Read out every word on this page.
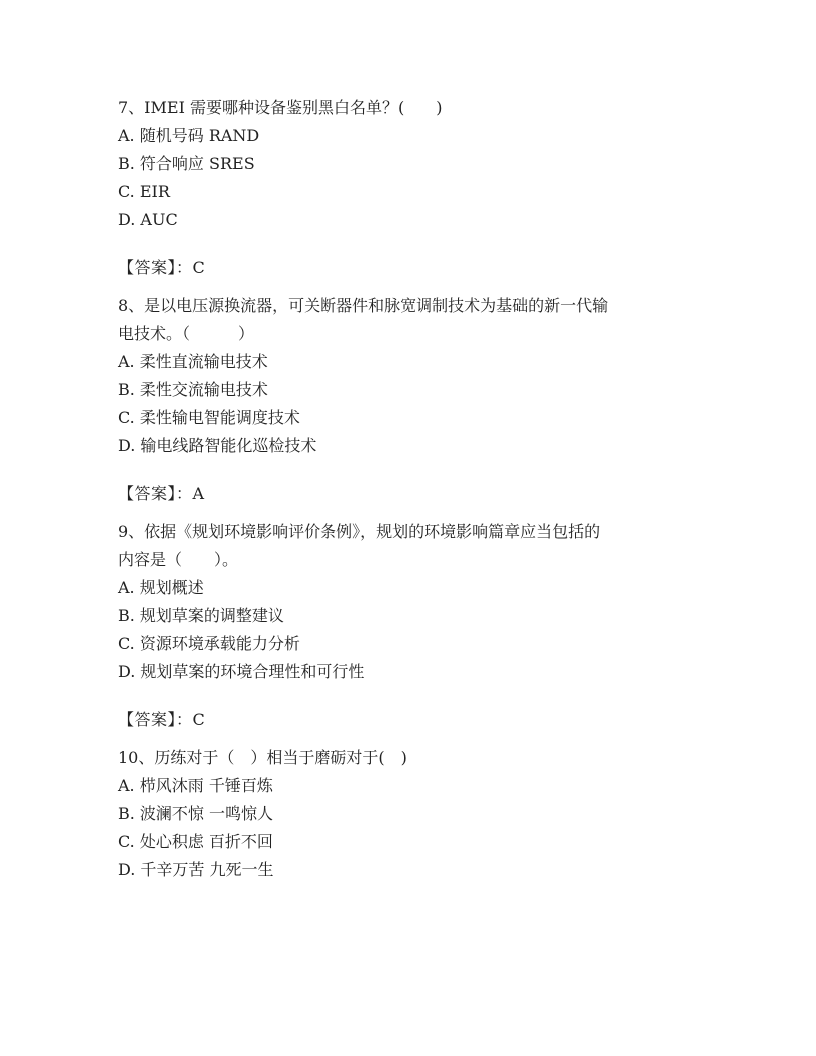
7、IMEI 需要哪种设备鉴别黑白名单？(　　)

A. 随机号码 RAND

B. 符合响应 SRES

C. EIR

D. AUC

【答案】：C

8、是以电压源换流器，可关断器件和脉宽调制技术为基础的新一代输

电技术。（　　　）

A. 柔性直流输电技术

B. 柔性交流输电技术

C. 柔性输电智能调度技术

D. 输电线路智能化巡检技术

【答案】：A

9、依据《规划环境影响评价条例》，规划的环境影响篇章应当包括的

内容是（　　）。

A. 规划概述

B. 规划草案的调整建议

C. 资源环境承载能力分析

D. 规划草案的环境合理性和可行性

【答案】：C

10、历练对于（　）相当于磨砺对于(　)

A. 栉风沐雨 千锤百炼

B. 波澜不惊 一鸣惊人

C. 处心积虑 百折不回

D. 千辛万苦 九死一生
